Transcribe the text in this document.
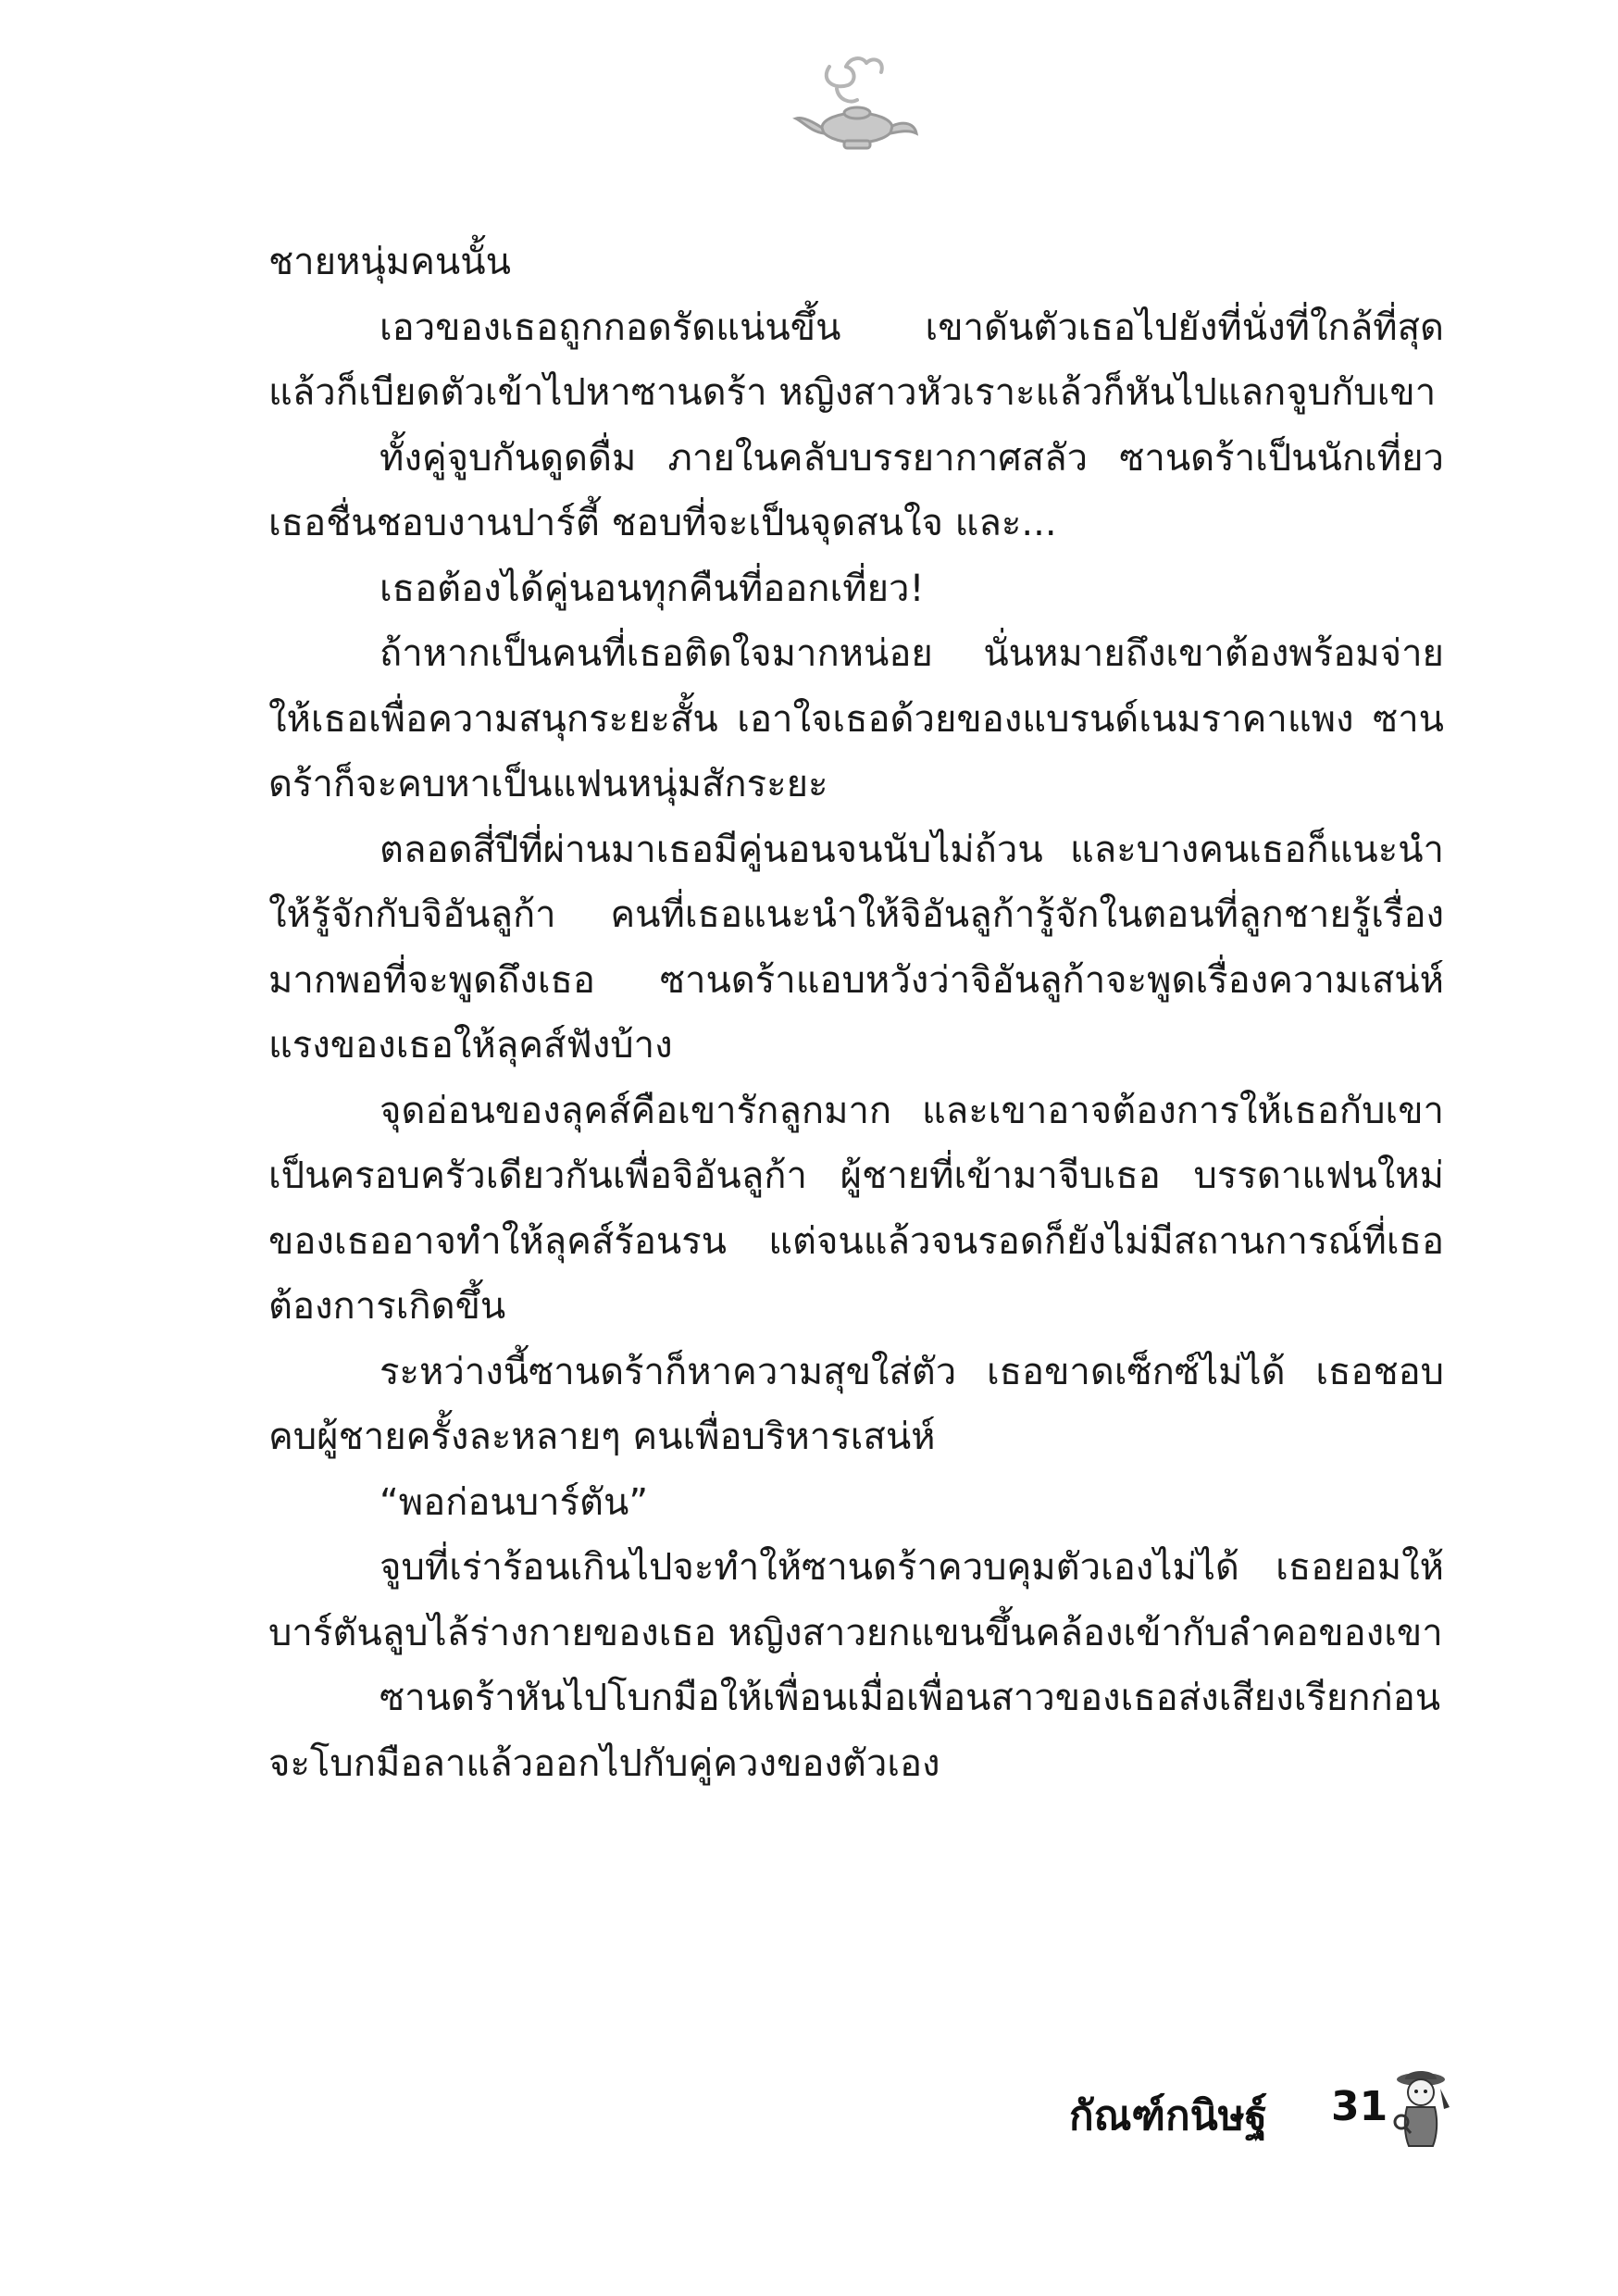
ชายหนุ่มคนนั้น

เอวของเธอถูกกอดรัดแน่นขึ้น เขาดันตัวเธอไปยังที่นั่งที่ใกล้ที่สุด แล้วก็เบียดตัวเข้าไปหาซานดร้า หญิงสาวหัวเราะแล้วก็หันไปแลกจูบกับเขา

ทั้งคู่จูบกันดูดดื่ม ภายในคลับบรรยากาศสลัว ซานดร้าเป็นนักเที่ยว เธอชื่นชอบงานปาร์ตี้ ชอบที่จะเป็นจุดสนใจ และ...

เธอต้องได้คู่นอนทุกคืนที่ออกเที่ยว!

ถ้าหากเป็นคนที่เธอติดใจมากหน่อย นั่นหมายถึงเขาต้องพร้อมจ่ายให้เธอเพื่อความสนุกระยะสั้น เอาใจเธอด้วยของแบรนด์เนมราคาแพง ซานดร้าก็จะคบหาเป็นแฟนหนุ่มสักระยะ

ตลอดสี่ปีที่ผ่านมาเธอมีคู่นอนจนนับไม่ถ้วน และบางคนเธอก็แนะนำให้รู้จักกับจิอันลูก้า คนที่เธอแนะนำให้จิอันลูก้ารู้จักในตอนที่ลูกชายรู้เรื่องมากพอที่จะพูดถึงเธอ ซานดร้าแอบหวังว่าจิอันลูก้าจะพูดเรื่องความเสน่ห์แรงของเธอให้ลุคส์ฟังบ้าง

จุดอ่อนของลุคส์คือเขารักลูกมาก และเขาอาจต้องการให้เธอกับเขาเป็นครอบครัวเดียวกันเพื่อจิอันลูก้า ผู้ชายที่เข้ามาจีบเธอ บรรดาแฟนใหม่ของเธออาจทำให้ลุคส์ร้อนรน แต่จนแล้วจนรอดก็ยังไม่มีสถานการณ์ที่เธอต้องการเกิดขึ้น

ระหว่างนี้ซานดร้าก็หาความสุขใส่ตัว เธอขาดเซ็กซ์ไม่ได้ เธอชอบคบผู้ชายครั้งละหลายๆ คนเพื่อบริหารเสน่ห์

“พอก่อนบาร์ตัน”

จูบที่เร่าร้อนเกินไปจะทำให้ซานดร้าควบคุมตัวเองไม่ได้ เธอยอมให้บาร์ตันลูบไล้ร่างกายของเธอ หญิงสาวยกแขนขึ้นคล้องเข้ากับลำคอของเขา

ซานดร้าหันไปโบกมือให้เพื่อนเมื่อเพื่อนสาวของเธอส่งเสียงเรียกก่อนจะโบกมือลาแล้วออกไปกับคู่ควงของตัวเอง

กัณฑ์กนิษฐ์ 31
